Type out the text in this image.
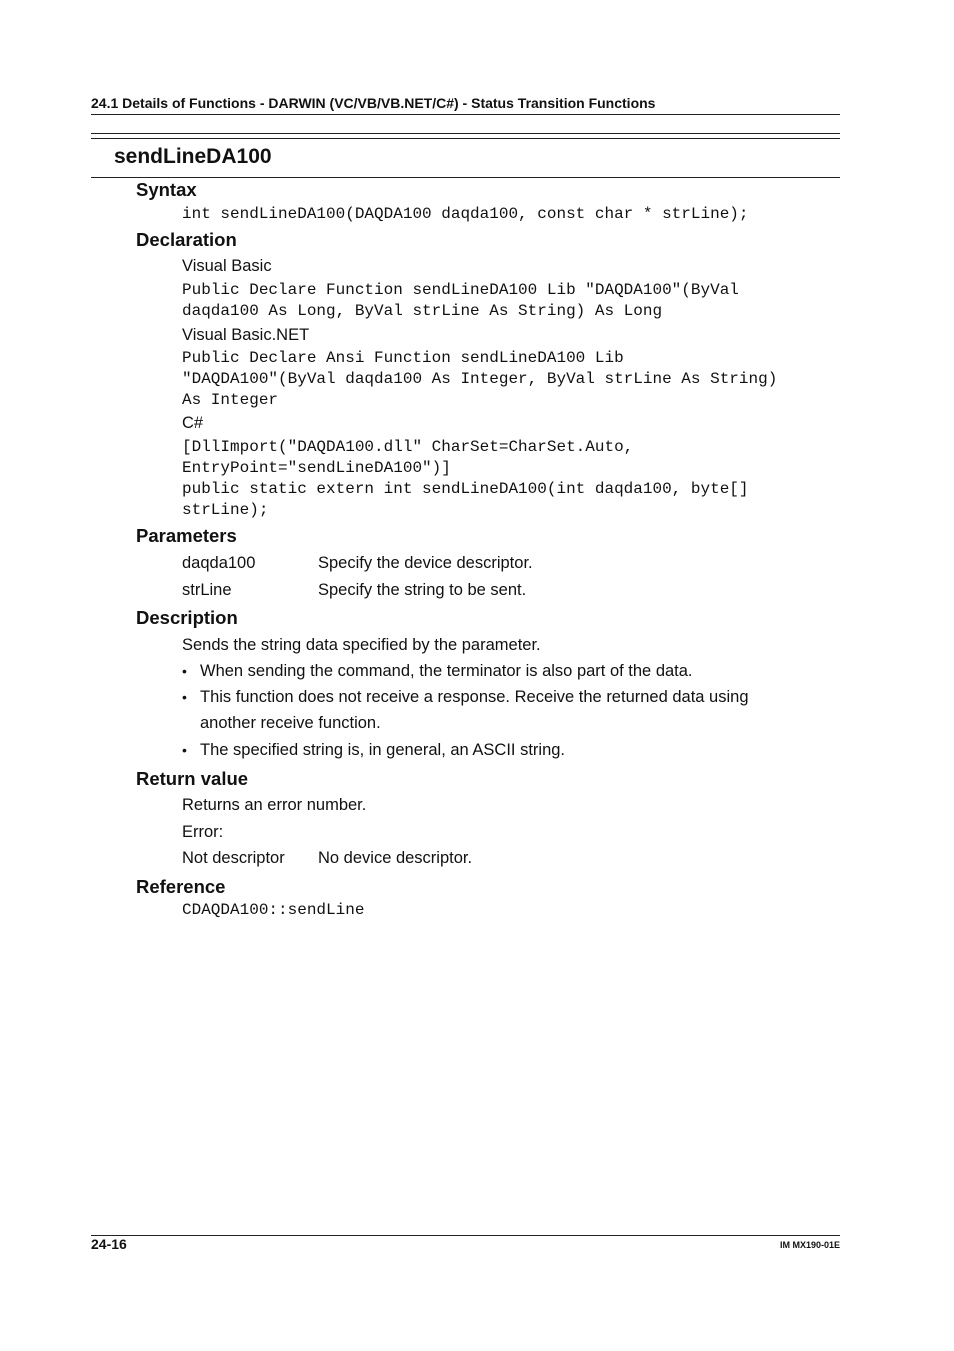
24.1 Details of Functions - DARWIN (VC/VB/VB.NET/C#) - Status Transition Functions
sendLineDA100
Syntax
int sendLineDA100(DAQDA100 daqda100, const char * strLine);
Declaration
Visual Basic
Public Declare Function sendLineDA100 Lib "DAQDA100"(ByVal
daqda100 As Long, ByVal strLine As String) As Long
Visual Basic.NET
Public Declare Ansi Function sendLineDA100 Lib
"DAQDA100"(ByVal daqda100 As Integer, ByVal strLine As String)
As Integer
C#
[DllImport("DAQDA100.dll" CharSet=CharSet.Auto,
EntryPoint="sendLineDA100")]
public static extern int sendLineDA100(int daqda100, byte[]
strLine);
Parameters
daqda100	Specify the device descriptor.
strLine	Specify the string to be sent.
Description
Sends the string data specified by the parameter.
• When sending the command, the terminator is also part of the data.
• This function does not receive a response. Receive the returned data using
another receive function.
• The specified string is, in general, an ASCII string.
Return value
Returns an error number.
Error:
Not descriptor No device descriptor.
Reference
CDAQDA100::sendLine
24-16	IM MX190-01E
